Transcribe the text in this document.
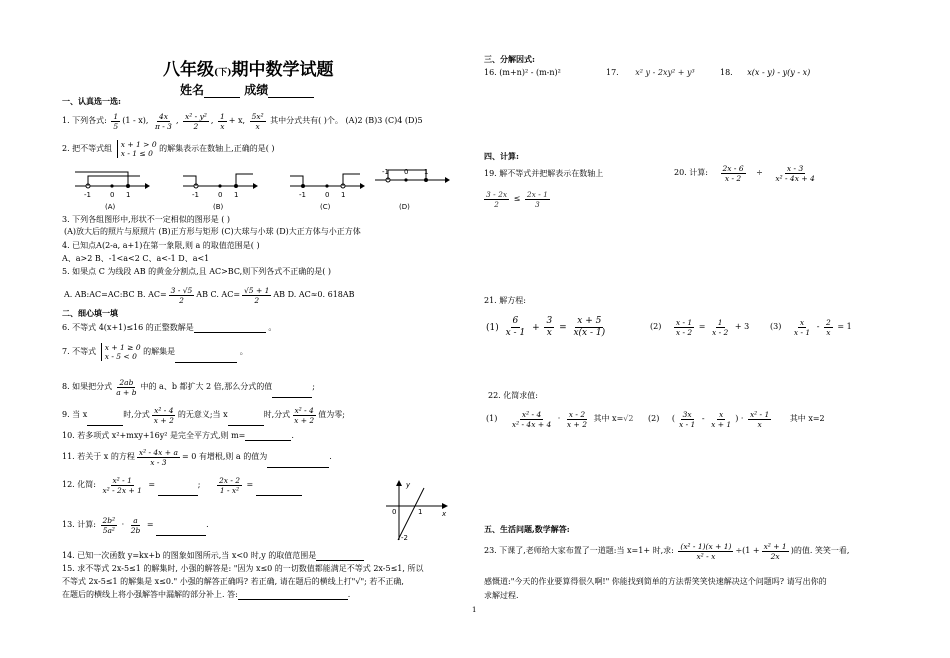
八年级(下)期中数学试题
姓名	成绩
一、认真选一选:
1. 下列各式: $\frac{1}{5} (1 - x)$, $\frac{4x}{\pi - 3}$ , $\frac{\text{x² - y²}}{2}$ , $\frac{1}{x} + x$, $\frac{\text{5x²}}{x}$ 其中分式共有( )个。 (A)2 (B)3 (C)4 (D)5
2. 把不等式组 x + 1 > 0
x - 1 ≤ 0
的解集表示在数轴上,正确的是( )
-1	0 1
(A)
-1	0 1
(B)
-1	0 1
(C)
-1 0 1
(D)
3. 下列各组图形中,形状不一定相似的图形是 ( )
(A)放大后的照片与原照片 (B)正方形与矩形 (C)大球与小球 (D)大正方体与小正方体
4. 已知点A(2-a, a+1)在第一象限,则 a 的取值范围是( )
A、a>2 B、-1<a<2 C、a<-1 D、a<1
5. 如果点 C 为线段 AB 的黄金分割点,且 AC>BC,则下列各式不正确的是( )
A. AB:AC=AC:BC B. $AC= \frac{3 - √5}{2}$ AB C. $AC= \frac{√5 + 1}{2}$ AB D. AC≈0. 618AB
二、细心填一填
6. 不等式 4(x+1)≤16 的正整数解是	。
7. 不等式 x + 1 ≥ 0
x - 5 < 0
的解集是	。
8. 如果把分式 $\frac{2ab}{a + b}$ 中的 a、b 都扩大 2 倍,那么分式的值	;
9. 当 x	时,分式 $\frac{\text{x² - 4}}{x + 2}$ 的无意义;当 x	时,分式 $\frac{\text{x² - 4}}{x + 2}$ 值为零;
10. 若多项式 x²+mxy+16y² 是完全平方式,则 m=	.
11. 若关于 x 的方程 $\frac{\text{x² - 4x + a}}{x - 3} = 0$ 有增根,则 a 的值为	.
12. 化简: $\frac{\text{x² - 1}}{\text{x² - 2x + 1}}$ =	; $\frac{2x - 2}{\text{1 - x²}}$ =
13. 计算: $\frac{\text{2b²}}{\text{5a²}} \cdot \frac{a}{2b}$ =	.
y
x
0	1
-2
14. 已知一次函数 y=kx+b 的图象如图所示,当 x<0 时,y 的取值范围是
15. 求不等式 2x-5≤1 的解集时, 小强的解答是: "因为 x≤0 的一切数值都能满足不等式 2x-5≤1, 所以
不等式 2x-5≤1 的解集是 x≤0." 小强的解答正确吗? 若正确, 请在题后的横线上打"√"; 若不正确,
在题后的横线上将小强解答中漏解的部分补上. 答:	.
三、分解因式:
16. (m+n)² - (m-n)²	17. x² y - 2xy² + y³	18. x(x - y) - y(y - x)
四、计算:
19. 解不等式并把解表示在数轴上
$\frac{3 - 2x}{2} \le \frac{2x - 1}{3}$
20. 计算: $\frac{2x - 6}{x - 2} \div \frac{x - 3}{\text{x² - 4x + 4}}$
21. 解方程:
$(1) \frac{6}{x - 1} + \frac{3}{x} = \frac{x + 5}{x(x - 1)}$	$(2) \frac{x - 1}{x - 2} = \frac{1}{x - 2} + 3$	$(3) \frac{x}{x - 1} - \frac{2}{x} = 1$
22. 化简求值:
$(1) \frac{\text{x² - 4}}{\text{x² - 4x + 4}} \cdot \frac{x - 2}{x + 2}$ 其中 x=√2 (2) ( $\frac{3x}{x - 1} - \frac{x}{x + 1}$ ) · $\frac{\text{x² - 1}}{x}$ 其中 x=2
五、生活问题,数学解答:
23. 下课了,老师给大家布置了一道题:当 x=1+ 时,求: $\frac{\text{(x² - 1)(x + 1)}}{\text{x² - x}} \div(1 + \frac{\text{x² + 1}}{2x}$ )的值. 笑笑一看,
感慨道:"今天的作业要算得很久啊!" 你能找到简单的方法帮笑笑快速解决这个问题吗? 请写出你的
求解过程.
1
